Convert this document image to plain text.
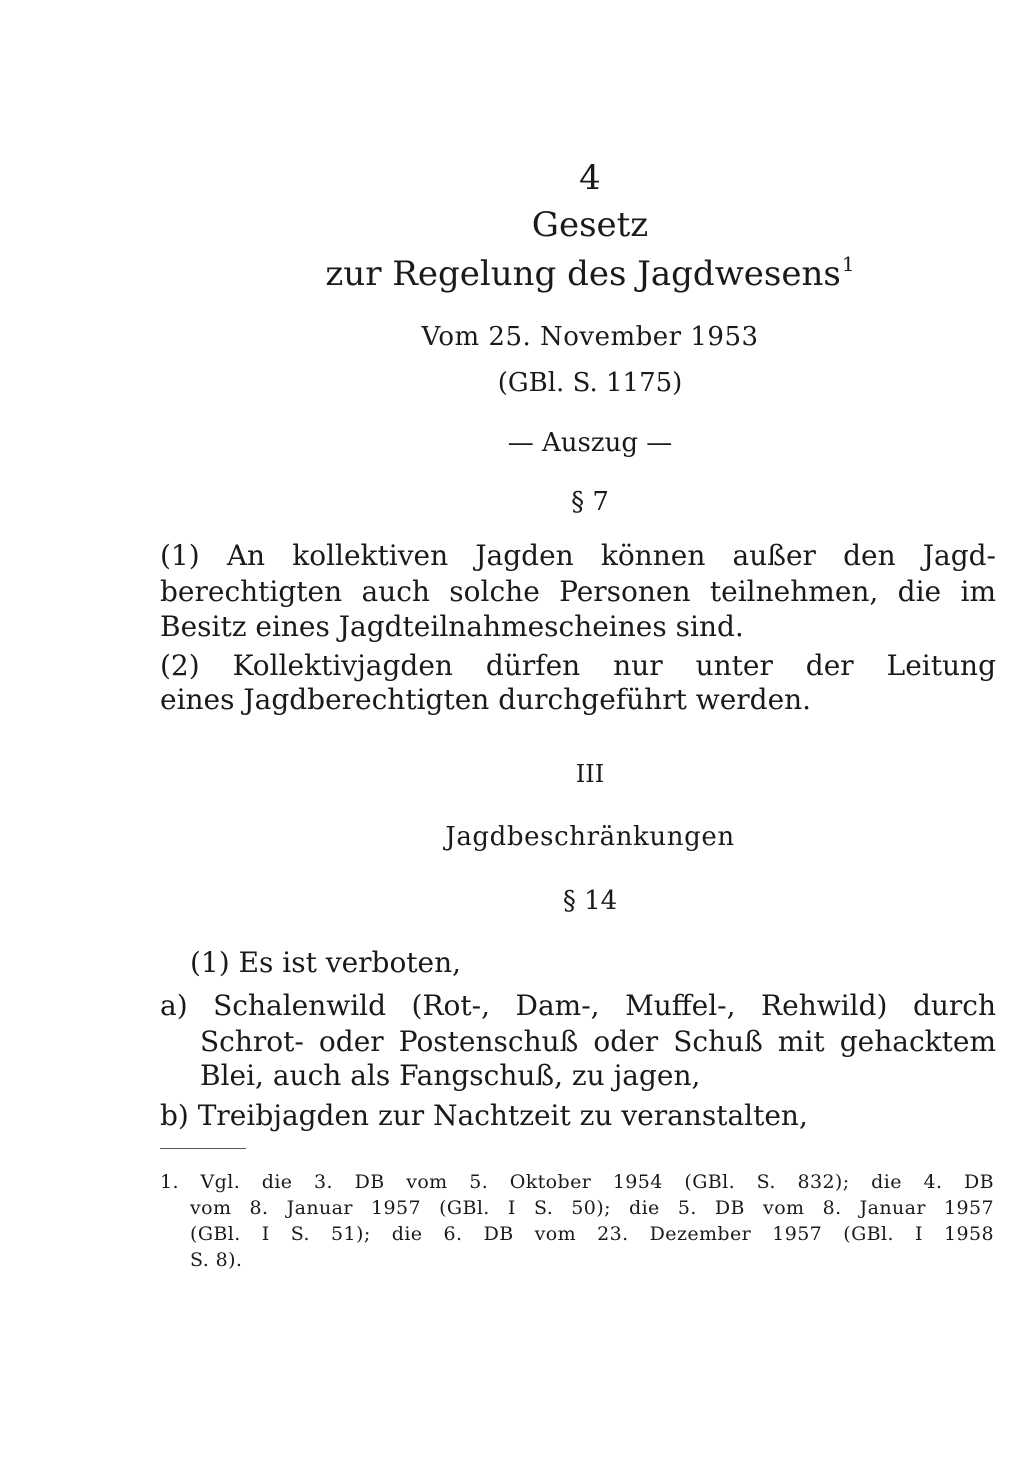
4
Gesetz
zur Regelung des Jagdwesens$^1$
Vom 25. November 1953
(GBl. S. 1175)
— Auszug —
§ 7
(1) An kollektiven Jagden können außer den Jagd-
berechtigten auch solche Personen teilnehmen, die im
Besitz eines Jagdteilnahmescheines sind.
(2) Kollektivjagden dürfen nur unter der Leitung
eines Jagdberechtigten durchgeführt werden.
III
Jagdbeschränkungen
§ 14
(1) Es ist verboten,
a) Schalenwild (Rot-, Dam-, Muffel-, Rehwild) durch
Schrot- oder Postenschuß oder Schuß mit gehacktem
Blei, auch als Fangschuß, zu jagen,
b) Treibjagden zur Nachtzeit zu veranstalten,
1. Vgl. die 3. DB vom 5. Oktober 1954 (GBl. S. 832); die 4. DB
vom 8. Januar 1957 (GBl. I S. 50); die 5. DB vom 8. Januar 1957
(GBl. I S. 51); die 6. DB vom 23. Dezember 1957 (GBl. I 1958
S. 8).
